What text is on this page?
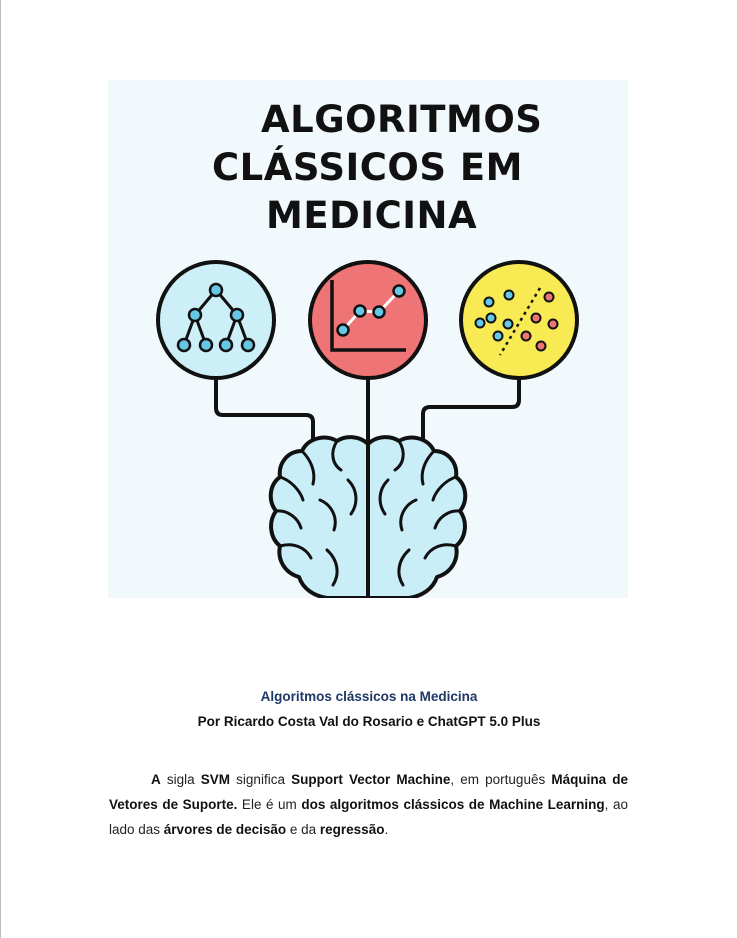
ALGORITMOS
CLÁSSICOS EM
MEDICINA
Algoritmos clássicos na Medicina
Por Ricardo Costa Val do Rosario e ChatGPT 5.0 Plus

A sigla SVM significa Support Vector Machine, em português Máquina de Vetores de Suporte. Ele é um dos algoritmos clássicos de Machine Learning, ao lado das árvores de decisão e da regressão.
